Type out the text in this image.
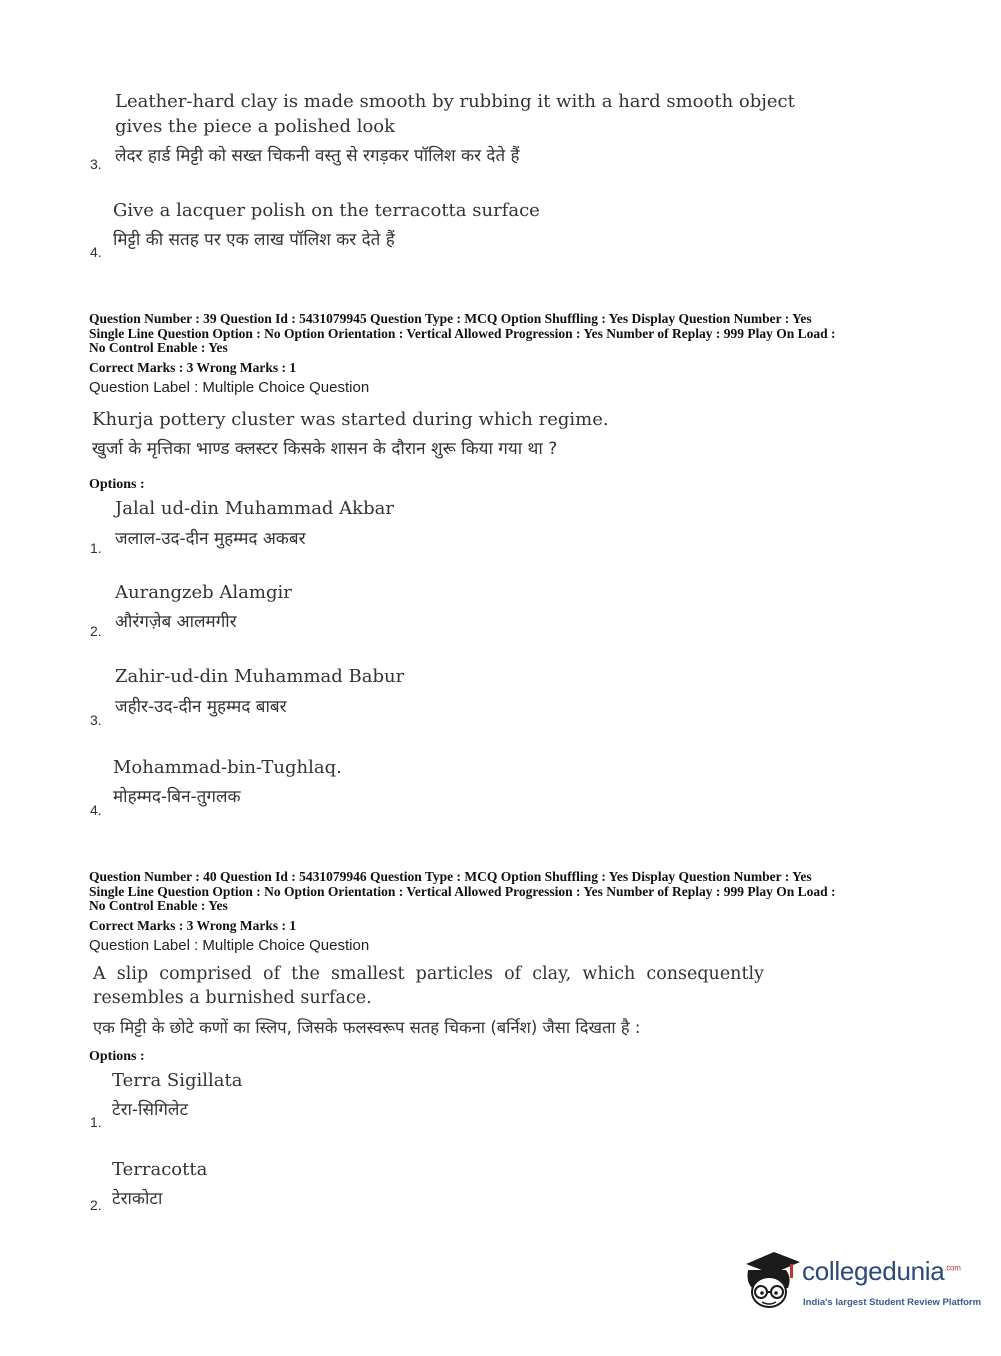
Leather-hard clay is made smooth by rubbing it with a hard smooth object
gives the piece a polished look
लेदर हार्ड मिट्टी को सख्त चिकनी वस्तु से रगड़कर पॉलिश कर देते हैं
3.
Give a lacquer polish on the terracotta surface
मिट्टी की सतह पर एक लाख पॉलिश कर देते हैं
4.
Question Number : 39 Question Id : 5431079945 Question Type : MCQ Option Shuffling : Yes Display Question Number : Yes
Single Line Question Option : No Option Orientation : Vertical Allowed Progression : Yes Number of Replay : 999 Play On Load :
No Control Enable : Yes
Correct Marks : 3 Wrong Marks : 1
Question Label : Multiple Choice Question
Khurja pottery cluster was started during which regime.
खुर्जा के मृत्तिका भाण्ड क्लस्टर किसके शासन के दौरान शुरू किया गया था ?
Options :
Jalal ud-din Muhammad Akbar
जलाल-उद-दीन मुहम्मद अकबर
1.
Aurangzeb Alamgir
औरंगज़ेब आलमगीर
2.
Zahir-ud-din Muhammad Babur
जहीर-उद-दीन मुहम्मद बाबर
3.
Mohammad-bin-Tughlaq.
मोहम्मद-बिन-तुगलक
4.
Question Number : 40 Question Id : 5431079946 Question Type : MCQ Option Shuffling : Yes Display Question Number : Yes
Single Line Question Option : No Option Orientation : Vertical Allowed Progression : Yes Number of Replay : 999 Play On Load :
No Control Enable : Yes
Correct Marks : 3 Wrong Marks : 1
Question Label : Multiple Choice Question
A  slip  comprised  of  the  smallest  particles  of  clay,  which  consequently
resembles a burnished surface.
एक मिट्टी के छोटे कणों का स्लिप, जिसके फलस्वरूप सतह चिकना (बर्निश) जैसा दिखता है :
Options :
Terra Sigillata
टेरा-सिगिलेट
1.
Terracotta
टेराकोटा
2.
collegedunia$^{.com}$
India's largest Student Review Platform
